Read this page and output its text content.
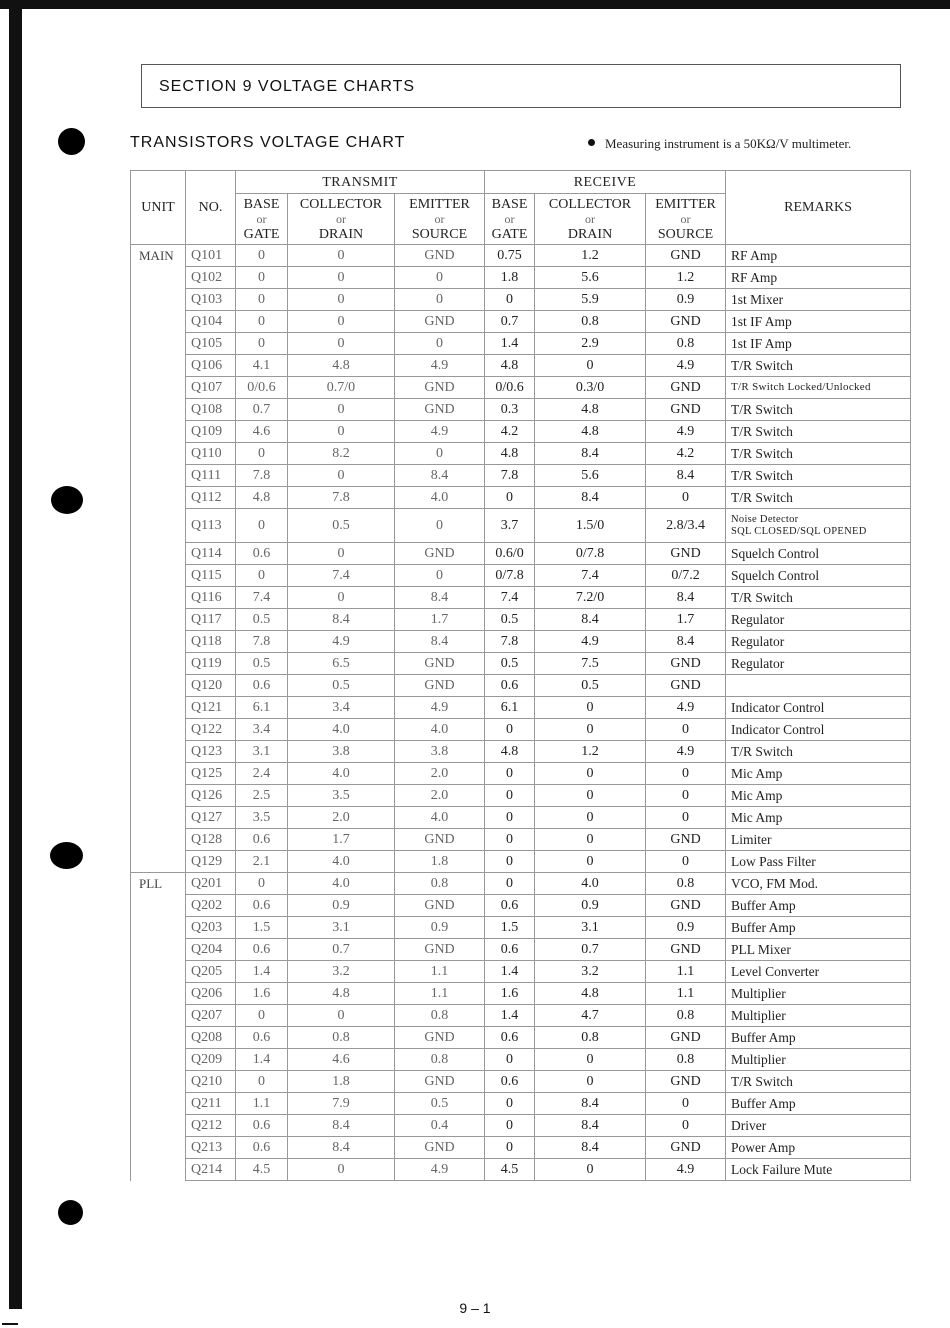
SECTION 9 VOLTAGE CHARTS
TRANSISTORS VOLTAGE CHART	Measuring instrument is a 50KΩ/V multimeter.
UNIT	NO.	TRANSMIT			RECEIVE			REMARKS

		BASE
or
GATE	COLLECTOR
or
DRAIN	EMITTER
or
SOURCE	BASE
or
GATE	COLLECTOR
or
DRAIN	EMITTER
or
SOURCE	

MAIN	Q101	0	0	GND	0.75	1.2	GND	RF Amp
	Q102	0	0	0	1.8	5.6	1.2	RF Amp
	Q103	0	0	0	0	5.9	0.9	1st Mixer
	Q104	0	0	GND	0.7	0.8	GND	1st IF Amp
	Q105	0	0	0	1.4	2.9	0.8	1st IF Amp
	Q106	4.1	4.8	4.9	4.8	0	4.9	T/R Switch
	Q107	0/0.6	0.7/0	GND	0/0.6	0.3/0	GND	T/R Switch Locked/Unlocked
	Q108	0.7	0	GND	0.3	4.8	GND	T/R Switch
	Q109	4.6	0	4.9	4.2	4.8	4.9	T/R Switch
	Q110	0	8.2	0	4.8	8.4	4.2	T/R Switch
	Q111	7.8	0	8.4	7.8	5.6	8.4	T/R Switch
	Q112	4.8	7.8	4.0	0	8.4	0	T/R Switch
	Q113	0	0.5	0	3.7	1.5/0	2.8/3.4	Noise Detector
SQL CLOSED/SQL OPENED

	Q114	0.6	0	GND	0.6/0	0/7.8	GND	Squelch Control
	Q115	0	7.4	0	0/7.8	7.4	0/7.2	Squelch Control
	Q116	7.4	0	8.4	7.4	7.2/0	8.4	T/R Switch
	Q117	0.5	8.4	1.7	0.5	8.4	1.7	Regulator
	Q118	7.8	4.9	8.4	7.8	4.9	8.4	Regulator
	Q119	0.5	6.5	GND	0.5	7.5	GND	Regulator
	Q120	0.6	0.5	GND	0.6	0.5	GND	
	Q121	6.1	3.4	4.9	6.1	0	4.9	Indicator Control
	Q122	3.4	4.0	4.0	0	0	0	Indicator Control
	Q123	3.1	3.8	3.8	4.8	1.2	4.9	T/R Switch
	Q125	2.4	4.0	2.0	0	0	0	Mic Amp
	Q126	2.5	3.5	2.0	0	0	0	Mic Amp
	Q127	3.5	2.0	4.0	0	0	0	Mic Amp
	Q128	0.6	1.7	GND	0	0	GND	Limiter
	Q129	2.1	4.0	1.8	0	0	0	Low Pass Filter
PLL	Q201	0	4.0	0.8	0	4.0	0.8	VCO, FM Mod.
	Q202	0.6	0.9	GND	0.6	0.9	GND	Buffer Amp
	Q203	1.5	3.1	0.9	1.5	3.1	0.9	Buffer Amp
	Q204	0.6	0.7	GND	0.6	0.7	GND	PLL Mixer
	Q205	1.4	3.2	1.1	1.4	3.2	1.1	Level Converter
	Q206	1.6	4.8	1.1	1.6	4.8	1.1	Multiplier
	Q207	0	0	0.8	1.4	4.7	0.8	Multiplier
	Q208	0.6	0.8	GND	0.6	0.8	GND	Buffer Amp
	Q209	1.4	4.6	0.8	0	0	0.8	Multiplier
	Q210	0	1.8	GND	0.6	0	GND	T/R Switch
	Q211	1.1	7.9	0.5	0	8.4	0	Buffer Amp
	Q212	0.6	8.4	0.4	0	8.4	0	Driver
	Q213	0.6	8.4	GND	0	8.4	GND	Power Amp
	Q214	4.5	0	4.9	4.5	0	4.9	Lock Failure Mute
9 – 1
